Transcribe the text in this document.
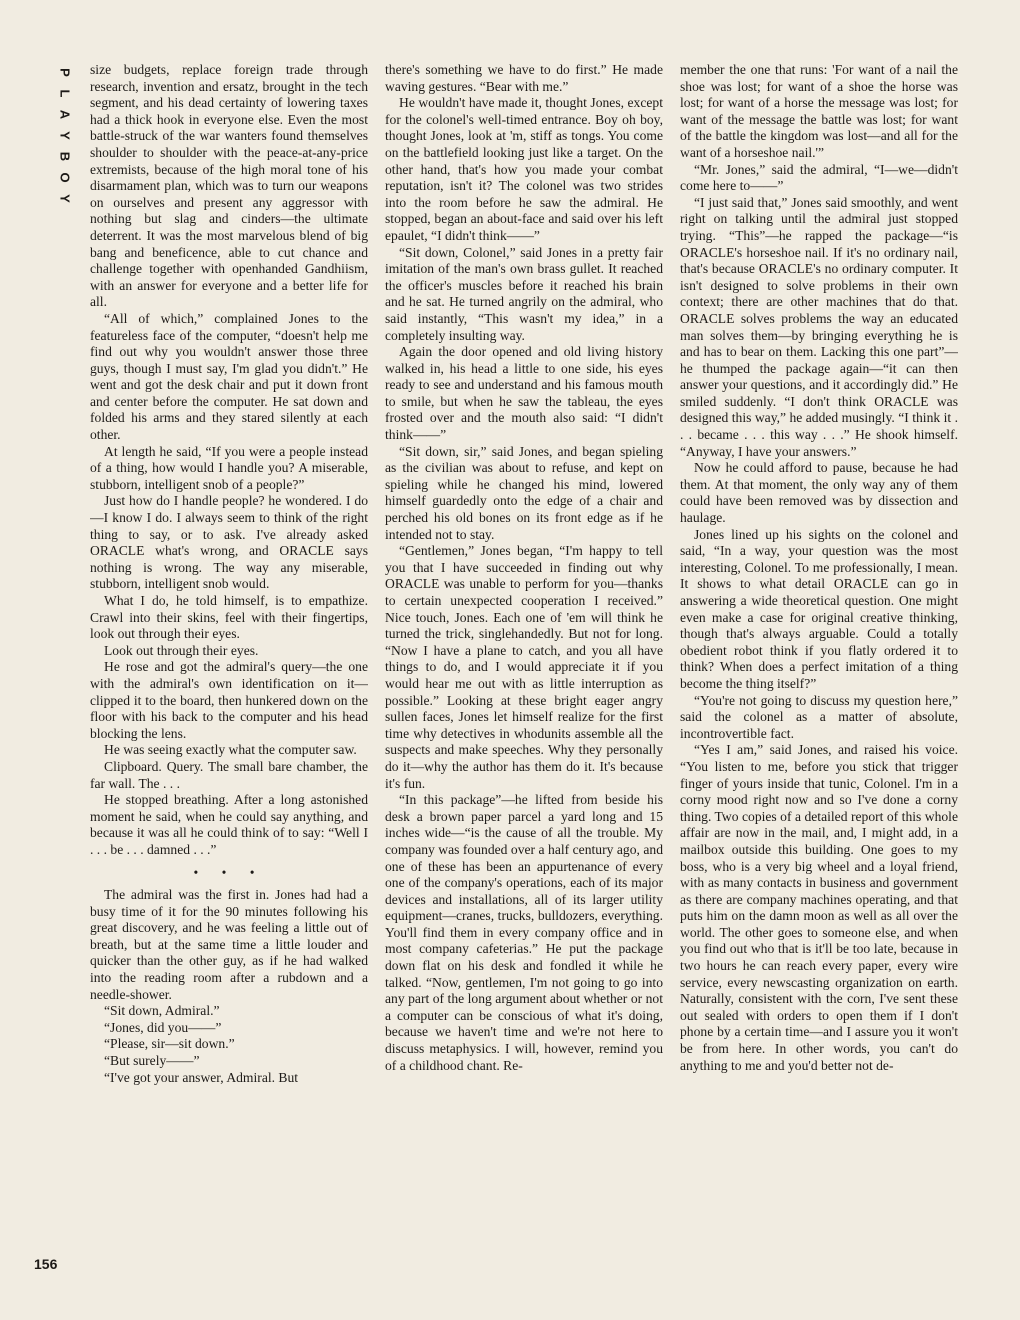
P
L
A
Y
B
O
Y

size budgets, replace foreign trade through research, invention and ersatz, brought in the tech segment, and his dead certainty of lowering taxes had a thick hook in everyone else. Even the most battle-struck of the war wanters found themselves shoulder to shoulder with the peace-at-any-price extremists, because of the high moral tone of his disarmament plan, which was to turn our weapons on ourselves and present any aggressor with nothing but slag and cinders—the ultimate deterrent. It was the most marvelous blend of big bang and beneficence, able to cut chance and challenge together with openhanded Gandhiism, with an answer for everyone and a better life for all.

“All of which,” complained Jones to the featureless face of the computer, “doesn't help me find out why you wouldn't answer those three guys, though I must say, I'm glad you didn't.” He went and got the desk chair and put it down front and center before the computer. He sat down and folded his arms and they stared silently at each other.

At length he said, “If you were a people instead of a thing, how would I handle you? A miserable, stubborn, intelligent snob of a people?”

Just how do I handle people? he wondered. I do—I know I do. I always seem to think of the right thing to say, or to ask. I've already asked ORACLE what's wrong, and ORACLE says nothing is wrong. The way any miserable, stubborn, intelligent snob would.

What I do, he told himself, is to empathize. Crawl into their skins, feel with their fingertips, look out through their eyes.

Look out through their eyes.

He rose and got the admiral's query—the one with the admiral's own identification on it—clipped it to the board, then hunkered down on the floor with his back to the computer and his head blocking the lens.

He was seeing exactly what the computer saw.

Clipboard. Query. The small bare chamber, the far wall. The . . .

He stopped breathing. After a long astonished moment he said, when he could say anything, and because it was all he could think of to say: “Well I . . . be . . . damned . . .”

• • •

The admiral was the first in. Jones had had a busy time of it for the 90 minutes following his great discovery, and he was feeling a little out of breath, but at the same time a little louder and quicker than the other guy, as if he had walked into the reading room after a rubdown and a needle-shower.

“Sit down, Admiral.”

“Jones, did you——”

“Please, sir—sit down.”

“But surely——”

“I've got your answer, Admiral. But

there's something we have to do first.” He made waving gestures. “Bear with me.”

He wouldn't have made it, thought Jones, except for the colonel's well-timed entrance. Boy oh boy, thought Jones, look at 'm, stiff as tongs. You come on the battlefield looking just like a target. On the other hand, that's how you made your combat reputation, isn't it? The colonel was two strides into the room before he saw the admiral. He stopped, began an about-face and said over his left epaulet, “I didn't think——”

“Sit down, Colonel,” said Jones in a pretty fair imitation of the man's own brass gullet. It reached the officer's muscles before it reached his brain and he sat. He turned angrily on the admiral, who said instantly, “This wasn't my idea,” in a completely insulting way.

Again the door opened and old living history walked in, his head a little to one side, his eyes ready to see and understand and his famous mouth to smile, but when he saw the tableau, the eyes frosted over and the mouth also said: “I didn't think——”

“Sit down, sir,” said Jones, and began spieling as the civilian was about to refuse, and kept on spieling while he changed his mind, lowered himself guardedly onto the edge of a chair and perched his old bones on its front edge as if he intended not to stay.

“Gentlemen,” Jones began, “I'm happy to tell you that I have succeeded in finding out why ORACLE was unable to perform for you—thanks to certain unexpected cooperation I received.” Nice touch, Jones. Each one of 'em will think he turned the trick, singlehandedly. But not for long. “Now I have a plane to catch, and you all have things to do, and I would appreciate it if you would hear me out with as little interruption as possible.” Looking at these bright eager angry sullen faces, Jones let himself realize for the first time why detectives in whodunits assemble all the suspects and make speeches. Why they personally do it—why the author has them do it. It's because it's fun.

“In this package”—he lifted from beside his desk a brown paper parcel a yard long and 15 inches wide—“is the cause of all the trouble. My company was founded over a half century ago, and one of these has been an appurtenance of every one of the company's operations, each of its major devices and installations, all of its larger utility equipment—cranes, trucks, bulldozers, everything. You'll find them in every company office and in most company cafeterias.” He put the package down flat on his desk and fondled it while he talked. “Now, gentlemen, I'm not going to go into any part of the long argument about whether or not a computer can be conscious of what it's doing, because we haven't time and we're not here to discuss metaphysics. I will, however, remind you of a childhood chant. Re-

member the one that runs: 'For want of a nail the shoe was lost; for want of a shoe the horse was lost; for want of a horse the message was lost; for want of the message the battle was lost; for want of the battle the kingdom was lost—and all for the want of a horseshoe nail.'”

“Mr. Jones,” said the admiral, “I—we—didn't come here to——”

“I just said that,” Jones said smoothly, and went right on talking until the admiral just stopped trying. “This”—he rapped the package—“is ORACLE's horseshoe nail. If it's no ordinary nail, that's because ORACLE's no ordinary computer. It isn't designed to solve problems in their own context; there are other machines that do that. ORACLE solves problems the way an educated man solves them—by bringing everything he is and has to bear on them. Lacking this one part”—he thumped the package again—“it can then answer your questions, and it accordingly did.” He smiled suddenly. “I don't think ORACLE was designed this way,” he added musingly. “I think it . . . became . . . this way . . .” He shook himself. “Anyway, I have your answers.”

Now he could afford to pause, because he had them. At that moment, the only way any of them could have been removed was by dissection and haulage.

Jones lined up his sights on the colonel and said, “In a way, your question was the most interesting, Colonel. To me professionally, I mean. It shows to what detail ORACLE can go in answering a wide theoretical question. One might even make a case for original creative thinking, though that's always arguable. Could a totally obedient robot think if you flatly ordered it to think? When does a perfect imitation of a thing become the thing itself?”

“You're not going to discuss my question here,” said the colonel as a matter of absolute, incontrovertible fact.

“Yes I am,” said Jones, and raised his voice. “You listen to me, before you stick that trigger finger of yours inside that tunic, Colonel. I'm in a corny mood right now and so I've done a corny thing. Two copies of a detailed report of this whole affair are now in the mail, and, I might add, in a mailbox outside this building. One goes to my boss, who is a very big wheel and a loyal friend, with as many contacts in business and government as there are company machines operating, and that puts him on the damn moon as well as all over the world. The other goes to someone else, and when you find out who that is it'll be too late, because in two hours he can reach every paper, every wire service, every newscasting organization on earth. Naturally, consistent with the corn, I've sent these out sealed with orders to open them if I don't phone by a certain time—and I assure you it won't be from here. In other words, you can't do anything to me and you'd better not de-

156
